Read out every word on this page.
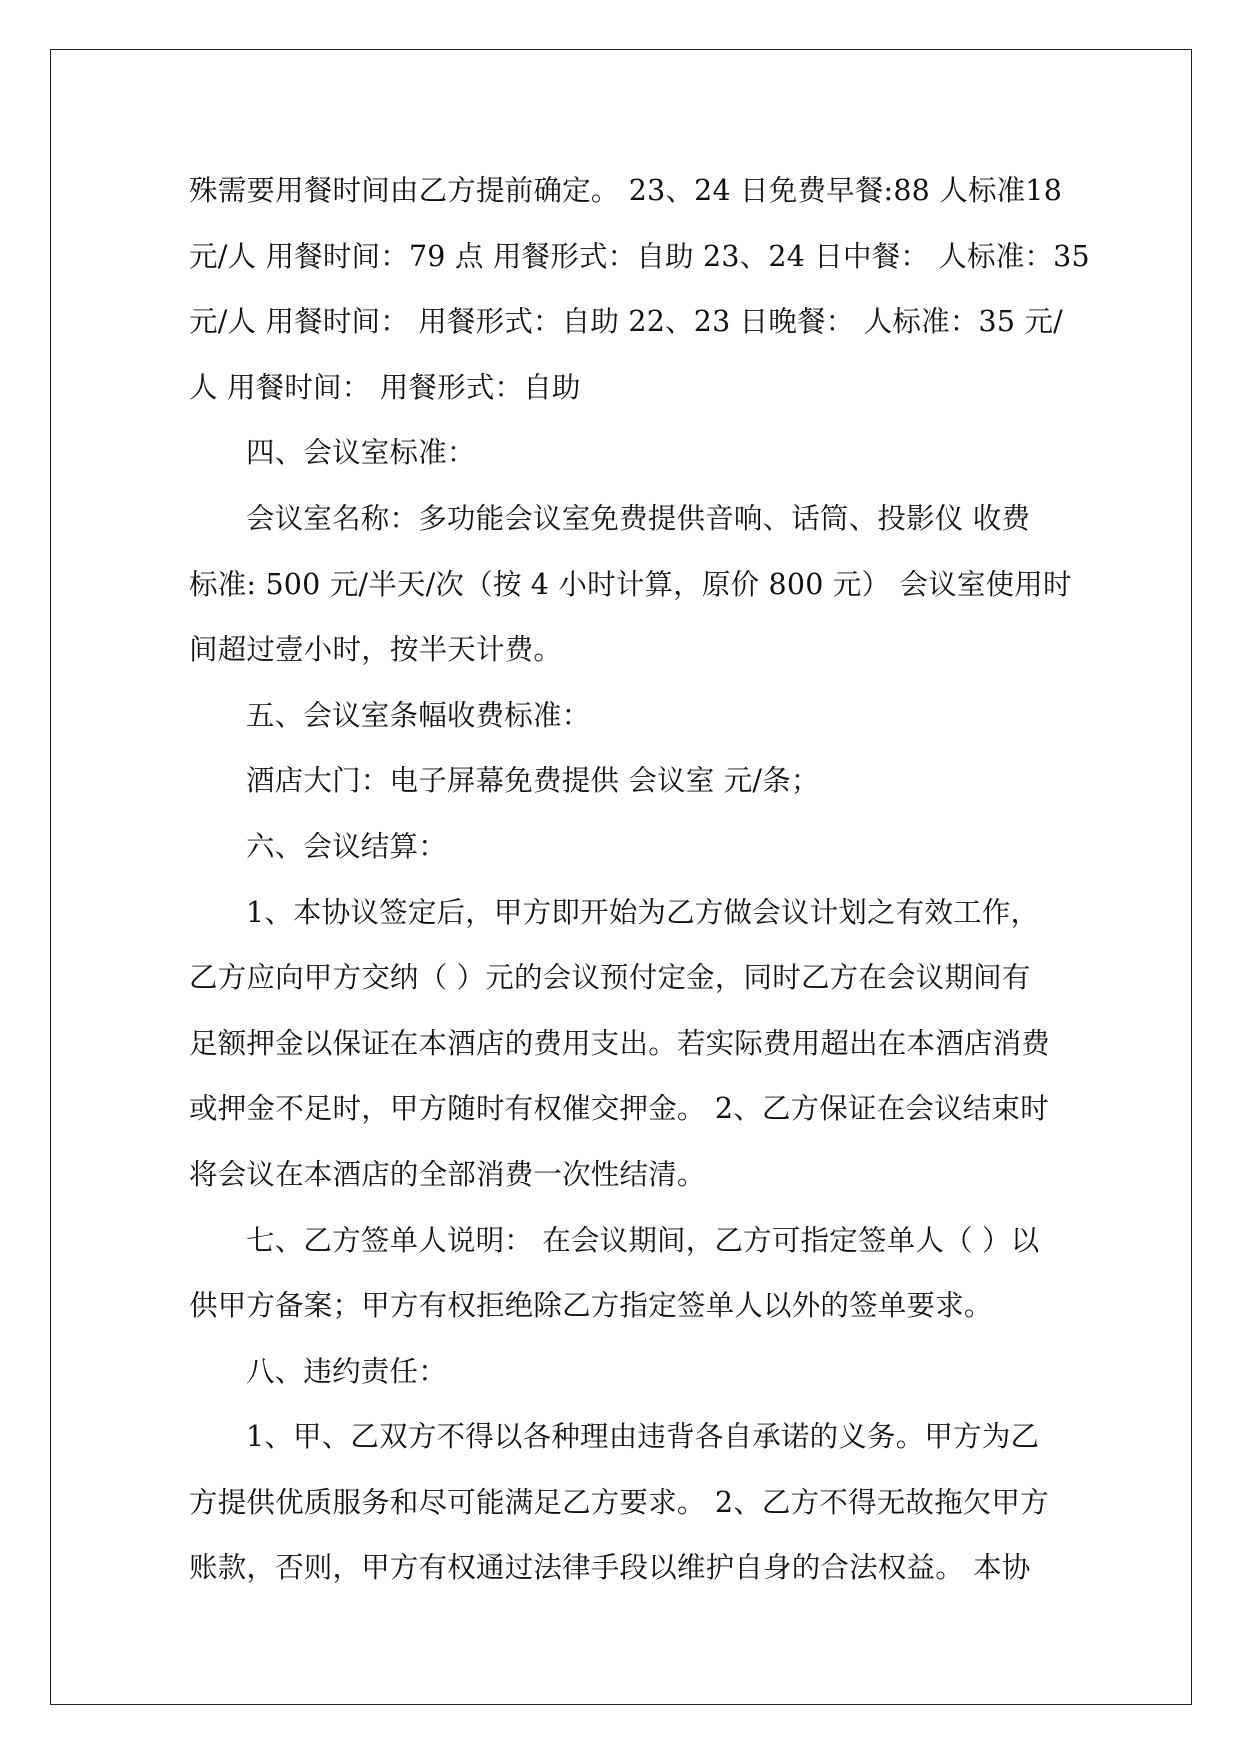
殊需要用餐时间由乙方提前确定。 23、24 日免费早餐:88 人标准18
元/人 用餐时间：79 点 用餐形式：自助 23、24 日中餐： 人标准：35
元/人 用餐时间： 用餐形式：自助 22、23 日晚餐： 人标准：35 元/
人 用餐时间： 用餐形式：自助
四、会议室标准：
会议室名称：多功能会议室免费提供音响、话筒、投影仪 收费
标准: 500 元/半天/次（按 4 小时计算，原价 800 元） 会议室使用时
间超过壹小时，按半天计费。
五、会议室条幅收费标准：
酒店大门：电子屏幕免费提供 会议室 元/条；
六、会议结算：
1、本协议签定后，甲方即开始为乙方做会议计划之有效工作，
乙方应向甲方交纳（ ）元的会议预付定金，同时乙方在会议期间有
足额押金以保证在本酒店的费用支出。若实际费用超出在本酒店消费
或押金不足时，甲方随时有权催交押金。 2、乙方保证在会议结束时
将会议在本酒店的全部消费一次性结清。
七、乙方签单人说明： 在会议期间，乙方可指定签单人（ ）以
供甲方备案；甲方有权拒绝除乙方指定签单人以外的签单要求。
八、违约责任：
1、甲、乙双方不得以各种理由违背各自承诺的义务。甲方为乙
方提供优质服务和尽可能满足乙方要求。 2、乙方不得无故拖欠甲方
账款，否则，甲方有权通过法律手段以维护自身的合法权益。 本协
